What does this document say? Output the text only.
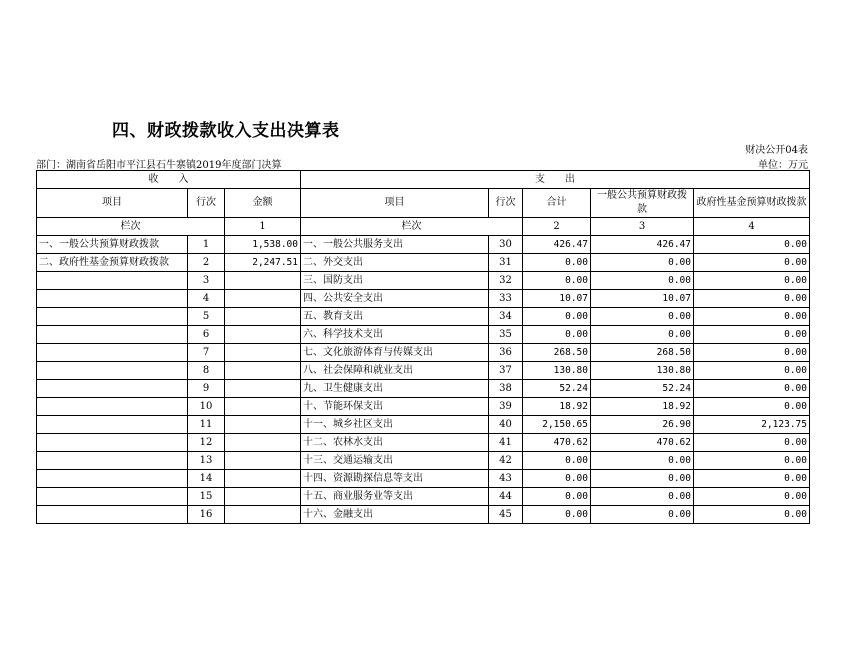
四、财政拨款收入支出决算表
财决公开04表
部门：湖南省岳阳市平江县石牛寨镇2019年度部门决算	单位：万元
收　　入			支　　出				
项目	行次	金额	项目	行次	合计	一般公共预算财政拨款	政府性基金预算财政拨款
栏次		1	栏次		2	3	4
一、一般公共预算财政拨款	1	1,538.00	一、一般公共服务支出	30	426.47	426.47	0.00
二、政府性基金预算财政拨款	2	2,247.51	二、外交支出	31	0.00	0.00	0.00
	3		三、国防支出	32	0.00	0.00	0.00
	4		四、公共安全支出	33	10.07	10.07	0.00
	5		五、教育支出	34	0.00	0.00	0.00
	6		六、科学技术支出	35	0.00	0.00	0.00
	7		七、文化旅游体育与传媒支出	36	268.50	268.50	0.00
	8		八、社会保障和就业支出	37	130.80	130.80	0.00
	9		九、卫生健康支出	38	52.24	52.24	0.00
	10		十、节能环保支出	39	18.92	18.92	0.00
	11		十一、城乡社区支出	40	2,150.65	26.90	2,123.75
	12		十二、农林水支出	41	470.62	470.62	0.00
	13		十三、交通运输支出	42	0.00	0.00	0.00
	14		十四、资源勘探信息等支出	43	0.00	0.00	0.00
	15		十五、商业服务业等支出	44	0.00	0.00	0.00
	16		十六、金融支出	45	0.00	0.00	0.00
